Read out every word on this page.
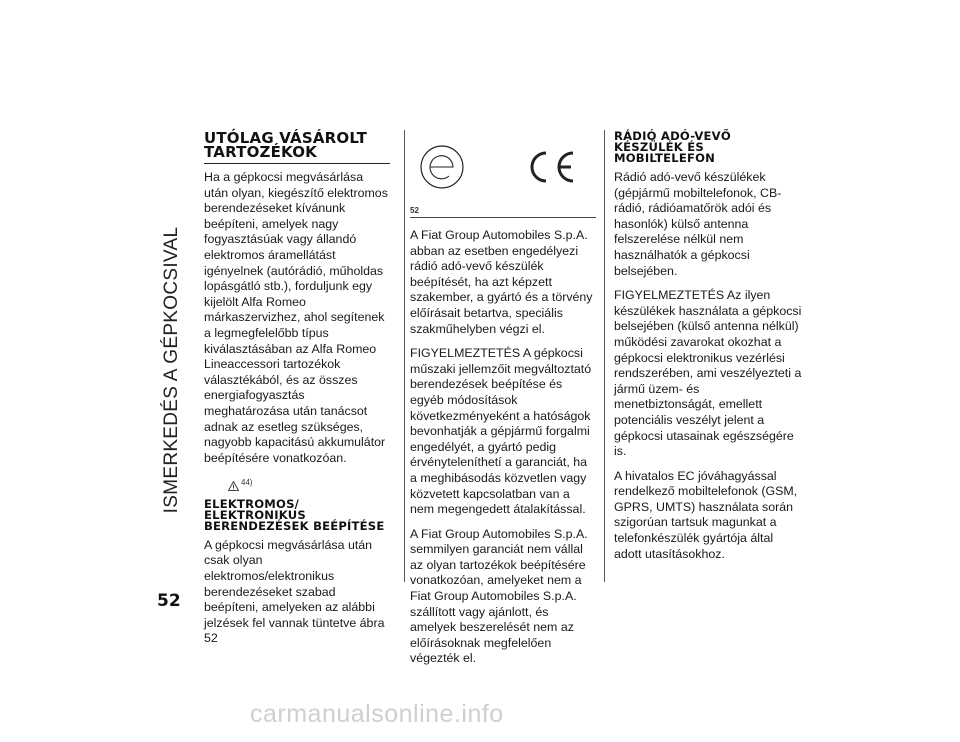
ISMERKEDÉS A GÉPKOCSIVAL
52
UTÓLAG VÁSÁROLT TARTOZÉKOK

Ha a gépkocsi megvásárlása után olyan, kiegészítő elektromos berendezéseket kívánunk beépíteni, amelyek nagy fogyasztásúak vagy állandó elektromos áramellátást igényelnek (autórádió, műholdas lopásgátló stb.), forduljunk egy kijelölt Alfa Romeo márkaszervizhez, ahol segítenek a legmegfelelőbb típus kiválasztásában az Alfa Romeo Lineaccessori tartozékok választékából, és az összes energiafogyasztás meghatározása után tanácsot adnak az esetleg szükséges, nagyobb kapacitású akkumulátor beépítésére vonatkozóan.

44)
ELEKTROMOS/ ELEKTRONIKUS BERENDEZÉSEK BEÉPÍTÉSE

A gépkocsi megvásárlása után csak olyan elektromos/elektronikus berendezéseket szabad beépíteni, amelyeken az alábbi jelzések fel vannak tüntetve ábra 52

52

A Fiat Group Automobiles S.p.A. abban az esetben engedélyezi rádió adó-vevő készülék beépítését, ha azt képzett szakember, a gyártó és a törvény előírásait betartva, speciális szakműhelyben végzi el.

FIGYELMEZTETÉS A gépkocsi műszaki jellemzőit megváltoztató berendezések beépítése és egyéb módosítások következményeként a hatóságok bevonhatják a gépjármű forgalmi engedélyét, a gyártó pedig érvényteleníthetí a garanciát, ha a meghibásodás közvetlen vagy közvetett kapcsolatban van a nem megengedett átalakítással.

A Fiat Group Automobiles S.p.A. semmilyen garanciát nem vállal az olyan tartozékok beépítésére vonatkozóan, amelyeket nem a Fiat Group Automobiles S.p.A. szállított vagy ajánlott, és amelyek beszerelését nem az előírásoknak megfelelően végezték el.

RÁDIÓ ADÓ-VEVŐ KÉSZÜLÉK ÉS MOBILTELEFON

Rádió adó-vevő készülékek (gépjármű mobiltelefonok, CB-rádió, rádióamatőrök adói és hasonlók) külső antenna felszerelése nélkül nem használhatók a gépkocsi belsejében.

FIGYELMEZTETÉS Az ilyen készülékek használata a gépkocsi belsejében (külső antenna nélkül) működési zavarokat okozhat a gépkocsi elektronikus vezérlési rendszerében, ami veszélyezteti a jármű üzem- és menetbiztonságát, emellett potenciális veszélyt jelent a gépkocsi utasainak egészségére is.

A hivatalos EC jóváhagyással rendelkező mobiltelefonok (GSM, GPRS, UMTS) használata során szigorúan tartsuk magunkat a telefonkészülék gyártója által adott utasításokhoz.

carmanualsonline.info
